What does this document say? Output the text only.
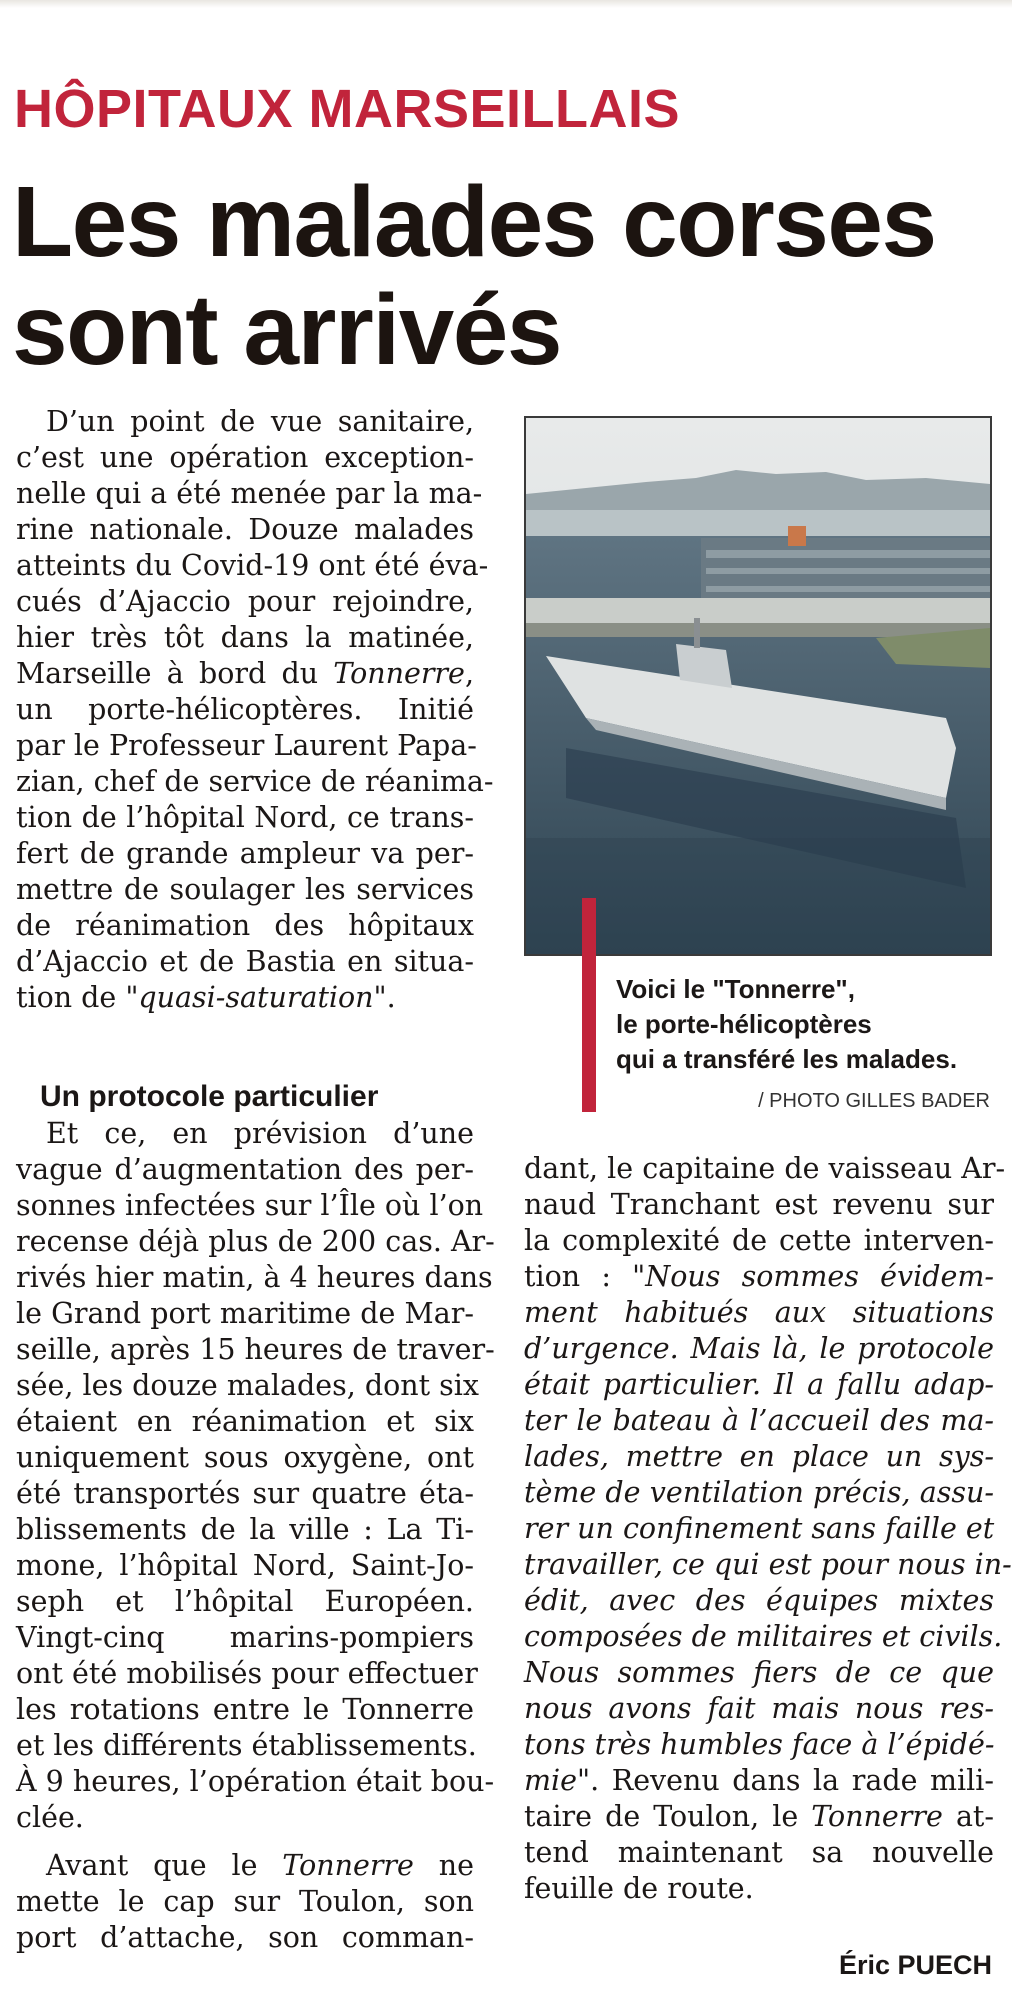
HÔPITAUX MARSEILLAIS
Les malades corses
sont arrivés
D’un point de vue sanitaire,
c’est une opération exception-
nelle qui a été menée par la ma-
rine nationale. Douze malades
atteints du Covid-19 ont été éva-
cués d’Ajaccio pour rejoindre,
hier très tôt dans la matinée,
Marseille à bord du Tonnerre,
un porte-hélicoptères. Initié
par le Professeur Laurent Papa-
zian, chef de service de réanima-
tion de l’hôpital Nord, ce trans-
fert de grande ampleur va per-
mettre de soulager les services
de réanimation des hôpitaux
d’Ajaccio et de Bastia en situa-
tion de "quasi-saturation".
Un protocole particulier
Et ce, en prévision d’une
vague d’augmentation des per-
sonnes infectées sur l’Île où l’on
recense déjà plus de 200 cas. Ar-
rivés hier matin, à 4 heures dans
le Grand port maritime de Mar-
seille, après 15 heures de traver-
sée, les douze malades, dont six
étaient en réanimation et six
uniquement sous oxygène, ont
été transportés sur quatre éta-
blissements de la ville : La Ti-
mone, l’hôpital Nord, Saint-Jo-
seph et l’hôpital Européen.
Vingt-cinq marins-pompiers
ont été mobilisés pour effectuer
les rotations entre le Tonnerre
et les différents établissements.
À 9 heures, l’opération était bou-
clée.
Avant que le Tonnerre ne
mette le cap sur Toulon, son
port d’attache, son comman-
Voici le "Tonnerre",
le porte-hélicoptères
qui a transféré les malades.
/ PHOTO GILLES BADER
dant, le capitaine de vaisseau Ar-
naud Tranchant est revenu sur
la complexité de cette interven-
tion : "Nous sommes évidem-
ment habitués aux situations
d’urgence. Mais là, le protocole
était particulier. Il a fallu adap-
ter le bateau à l’accueil des ma-
lades, mettre en place un sys-
tème de ventilation précis, assu-
rer un confinement sans faille et
travailler, ce qui est pour nous in-
édit, avec des équipes mixtes
composées de militaires et civils.
Nous sommes fiers de ce que
nous avons fait mais nous res-
tons très humbles face à l’épidé-
mie". Revenu dans la rade mili-
taire de Toulon, le Tonnerre at-
tend maintenant sa nouvelle
feuille de route.
Éric PUECH
